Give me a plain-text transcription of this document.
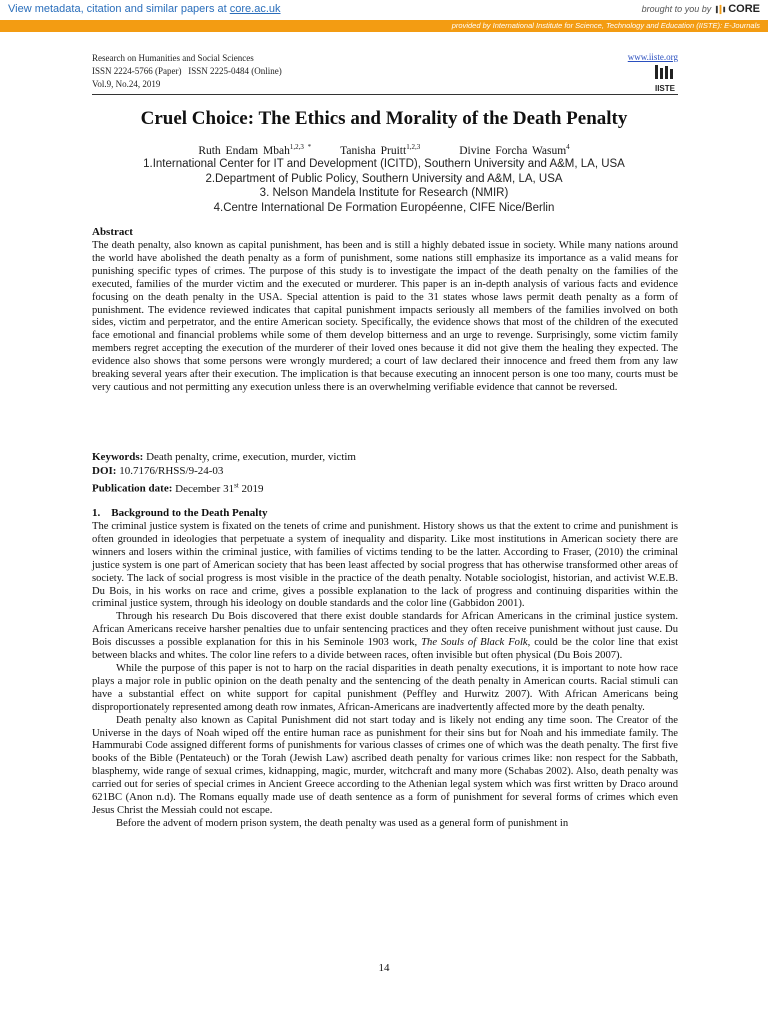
View metadata, citation and similar papers at core.ac.uk	brought to you by CORE
provided by International Institute for Science, Technology and Education (IISTE): E-Journals
Research on Humanities and Social Sciences
ISSN 2224-5766 (Paper)   ISSN 2225-0484 (Online)
Vol.9, No.24, 2019
www.iiste.org
IISTE
Cruel Choice: The Ethics and Morality of the Death Penalty
Ruth Endam Mbah$^{1,2,3 *}$	Tanisha Pruitt$^{1,2,3}$	Divine Forcha Wasum$^4$
1.International Center for IT and Development (ICITD), Southern University and A&M, LA, USA
2.Department of Public Policy, Southern University and A&M, LA, USA
3. Nelson Mandela Institute for Research (NMIR)
4.Centre International De Formation Européenne, CIFE Nice/Berlin
Abstract

The death penalty, also known as capital punishment, has been and is still a highly debated issue in society. While many nations around the world have abolished the death penalty as a form of punishment, some nations still emphasize its importance as a valid means for punishing specific types of crimes. The purpose of this study is to investigate the impact of the death penalty on the families of the executed, families of the murder victim and the executed or murderer. This paper is an in-depth analysis of various facts and evidence focusing on the death penalty in the USA. Special attention is paid to the 31 states whose laws permit death penalty as a form of punishment. The evidence reviewed indicates that capital punishment impacts seriously all members of the families involved on both sides, victim and perpetrator, and the entire American society. Specifically, the evidence shows that most of the children of the executed face emotional and financial problems while some of them develop bitterness and an urge to revenge. Surprisingly, some victim family members regret accepting the execution of the murderer of their loved ones because it did not give them the healing they expected. The evidence also shows that some persons were wrongly murdered; a court of law declared their innocence and freed them from any law breaking several years after their execution. The implication is that because executing an innocent person is one too many, courts must be very cautious and not permitting any execution unless there is an overwhelming verifiable evidence that cannot be reversed.

Keywords: Death penalty, crime, execution, murder, victim
DOI: 10.7176/RHSS/9-24-03
Publication date: December 31st 2019
1.    Background to the Death Penalty

The criminal justice system is fixated on the tenets of crime and punishment. History shows us that the extent to crime and punishment is often grounded in ideologies that perpetuate a system of inequality and disparity. Like most institutions in American society there are winners and losers within the criminal justice, with families of victims tending to be the latter. According to Fraser, (2010) the criminal justice system is one part of American society that has been least affected by social progress that has otherwise transformed other areas of society. The lack of social progress is most visible in the practice of the death penalty. Notable sociologist, historian, and activist W.E.B. Du Bois, in his works on race and crime, gives a possible explanation to the lack of progress and continuing disparities within the criminal justice system, through his ideology on double standards and the color line (Gabbidon 2001).

Through his research Du Bois discovered that there exist double standards for African Americans in the criminal justice system. African Americans receive harsher penalties due to unfair sentencing practices and they often receive punishment without just cause. Du Bois discusses a possible explanation for this in his Seminole 1903 work, The Souls of Black Folk, could be the color line that exist between blacks and whites. The color line refers to a divide between races, often invisible but often physical (Du Bois 2007).

While the purpose of this paper is not to harp on the racial disparities in death penalty executions, it is important to note how race plays a major role in public opinion on the death penalty and the sentencing of the death penalty in American courts. Racial stimuli can have a substantial effect on white support for capital punishment (Peffley and Hurwitz 2007). With African Americans being disproportionately represented among death row inmates, African-Americans are inadvertently affected more by the death penalty.

Death penalty also known as Capital Punishment did not start today and is likely not ending any time soon. The Creator of the Universe in the days of Noah wiped off the entire human race as punishment for their sins but for Noah and his immediate family. The Hammurabi Code assigned different forms of punishments for various classes of crimes one of which was the death penalty. The first five books of the Bible (Pentateuch) or the Torah (Jewish Law) ascribed death penalty for various crimes like: non respect for the Sabbath, blasphemy, wide range of sexual crimes, kidnapping, magic, murder, witchcraft and many more (Schabas 2002). Also, death penalty was carried out for series of special crimes in Ancient Greece according to the Athenian legal system which was first written by Draco around 621BC (Anon n.d). The Romans equally made use of death sentence as a form of punishment for several forms of crimes which even Jesus Christ the Messiah could not escape.

Before the advent of modern prison system, the death penalty was used as a general form of punishment in

14
